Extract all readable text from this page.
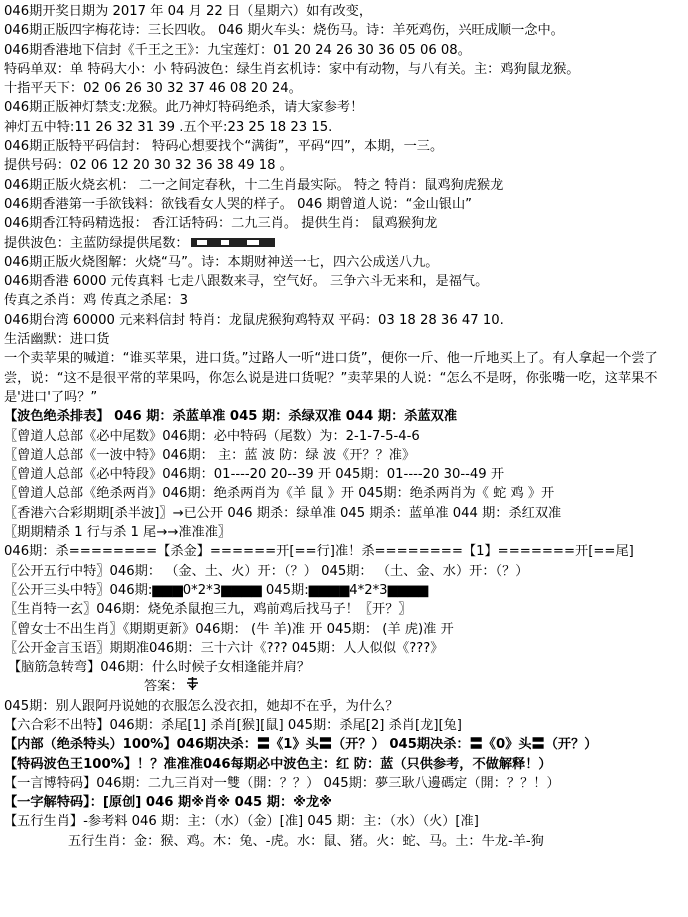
046期开奖日期为 2017 年 04 月 22 日（星期六）如有改变，
046期正版四字梅花诗：三长四收。 046 期火车头：烧伤马。诗：羊死鸡伤，兴旺成顺一念中。
046期香港地下信封《千王之王》：九宝莲灯：01 20 24 26 30 36 05 06 08。
特码单双：单 特码大小：小 特码波色：绿生肖玄机诗：家中有动物，与八有关。主：鸡狗鼠龙猴。
十指平天下：02 06 26 30 32 37 46 08 20 24。
046期正版神灯禁支:龙猴。此乃神灯特码绝杀，请大家参考！
神灯五中特:11 26 32 31 39 .五个平:23 25 18 23 15.
046期正版特平码信封： 特码心想要找个“满街”，平码“四”，本期，一三。
提供号码：02 06 12 20 30 32 36 38 49 18 。
046期正版火烧玄机： 二一之间定春秋，十二生肖最实际。 特之 特肖：鼠鸡狗虎猴龙
046期香港第一手欲钱料：欲钱看女人哭的样子。 046 期曾道人说：“金山银山”
046期香江特码精选报： 香江话特码：二九三肖。 提供生肖： 鼠鸡猴狗龙
提供波色：主蓝防绿提供尾数：
046期正版火烧图解：火烧“马”。诗：本期财神送一七，四六公成送八九。
046期香港 6000 元传真料 七走八跟数来寻，空气好。 三争六斗无来和，是福气。
传真之杀肖：鸡 传真之杀尾：3
046期台湾 60000 元来料信封 特肖：龙鼠虎猴狗鸡特双 平码：03 18 28 36 47 10.
生活幽默：进口货
一个卖苹果的喊道：“谁买苹果，进口货。”过路人一听“进口货”，便你一斤、他一斤地买上了。有人拿起一个尝了尝，说：“这不是很平常的苹果吗，你怎么说是进口货呢？”卖苹果的人说：“怎么不是呀，你张嘴一吃，这苹果不是'进口'了吗？”
【波色绝杀排表】 046 期：杀蓝单准 045 期：杀绿双准 044 期：杀蓝双准
〖曾道人总部《必中尾数》046期：必中特码（尾数）为：2-1-7-5-4-6
〖曾道人总部《一波中特》046期： 主：蓝 波 防：绿 波《开？？准》
〖曾道人总部《必中特段》046期：01----20 20--39 开 045期：01----20 30--49 开
〖曾道人总部《绝杀两肖》046期：绝杀两肖为《羊 鼠 》开 045期：绝杀两肖为《 蛇 鸡 》开
〖香港六合彩期期[杀半波]〗→已公开 046 期杀：绿单准 045 期杀：蓝单准 044 期：杀红双准
〖期期精杀 1 行与杀 1 尾→→准准准〗
046期：杀========【杀金】======开[==行]准！杀========【1】=======开[==尾]
〖公开五行中特〗046期： （金、土、火）开：（？） 045期： （土、金、水）开：（？）
〖公开三头中特〗046期:▆▆▆0*2*3▆▆▆▆ 045期:▆▆▆▆4*2*3▆▆▆▆
〖生肖特一玄〗046期：烧免杀鼠抱三九，鸡前鸡后找马子！〖开？〗
〖曾女士不出生肖〗《期期更新》046期： (牛 羊)准 开 045期： (羊 虎)准 开
〖公开金言玉语〗期期准046期：三十六计《??? 045期：人人似似《???》
【脑筋急转弯】046期：什么时候子女相逢能并肩？
答案：
045期：别人跟阿丹说她的衣服怎么没衣扣，她却不在乎，为什么？
【六合彩不出特】046期：杀尾[1] 杀肖[猴][鼠] 045期：杀尾[2] 杀肖[龙][兔]
【内部（绝杀特头）100%】046期决杀：〓《1》头〓（开？） 045期决杀：〓《0》头〓（开？）
【特码波色王100%】！？准准准046每期必中波色主：红 防：蓝（只供参考，不做解释！）
【一言博特码】046期：二九三肖对一雙（開：？？） 045期：夢三耿八邊碼定（開：？？！）
【一字解特码】：[原创] 046 期※肖※ 045 期：※龙※
【五行生肖】-参考料 046 期：主：（水）（金）[准] 045 期：主：（水）（火）[准]
五行生肖：金：猴、鸡。木：兔、-虎。水：鼠、猪。火：蛇、马。土：牛龙-羊-狗
